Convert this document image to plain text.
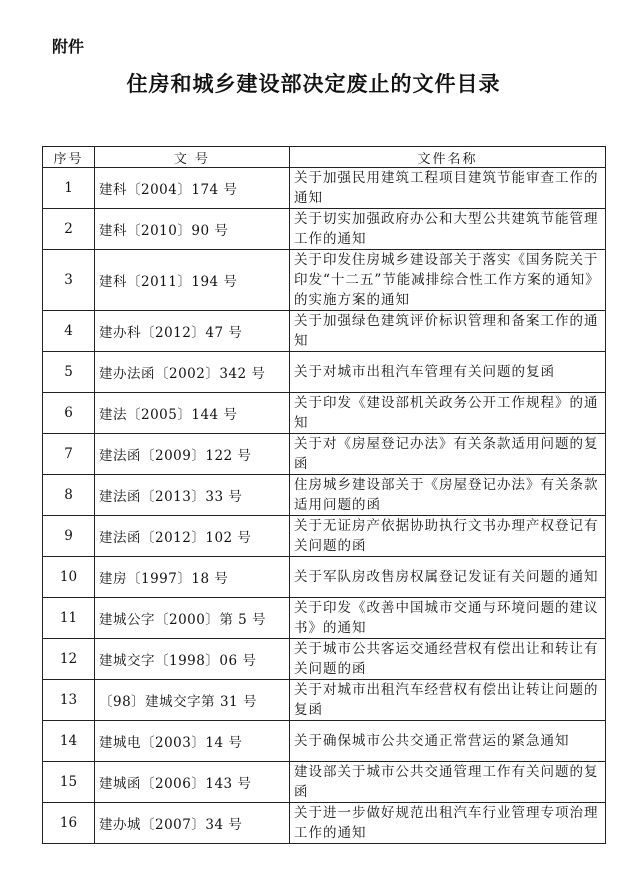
附件
住房和城乡建设部决定废止的文件目录
序号	文 号	文件名称
1	建科〔2004〕174 号	关于加强民用建筑工程项目建筑节能审查工作的通知
2	建科〔2010〕90 号	关于切实加强政府办公和大型公共建筑节能管理工作的通知
3	建科〔2011〕194 号	关于印发住房城乡建设部关于落实《国务院关于印发“十二五”节能减排综合性工作方案的通知》的实施方案的通知
4	建办科〔2012〕47 号	关于加强绿色建筑评价标识管理和备案工作的通知
5	建办法函〔2002〕342 号	关于对城市出租汽车管理有关问题的复函
6	建法〔2005〕144 号	关于印发《建设部机关政务公开工作规程》的通知
7	建法函〔2009〕122 号	关于对《房屋登记办法》有关条款适用问题的复函
8	建法函〔2013〕33 号	住房城乡建设部关于《房屋登记办法》有关条款适用问题的函
9	建法函〔2012〕102 号	关于无证房产依据协助执行文书办理产权登记有关问题的函
10	建房〔1997〕18 号	关于军队房改售房权属登记发证有关问题的通知
11	建城公字〔2000〕第 5 号	关于印发《改善中国城市交通与环境问题的建议书》的通知
12	建城交字〔1998〕06 号	关于城市公共客运交通经营权有偿出让和转让有关问题的函
13	〔98〕建城交字第 31 号	关于对城市出租汽车经营权有偿出让转让问题的复函
14	建城电〔2003〕14 号	关于确保城市公共交通正常营运的紧急通知
15	建城函〔2006〕143 号	建设部关于城市公共交通管理工作有关问题的复函
16	建办城〔2007〕34 号	关于进一步做好规范出租汽车行业管理专项治理工作的通知
